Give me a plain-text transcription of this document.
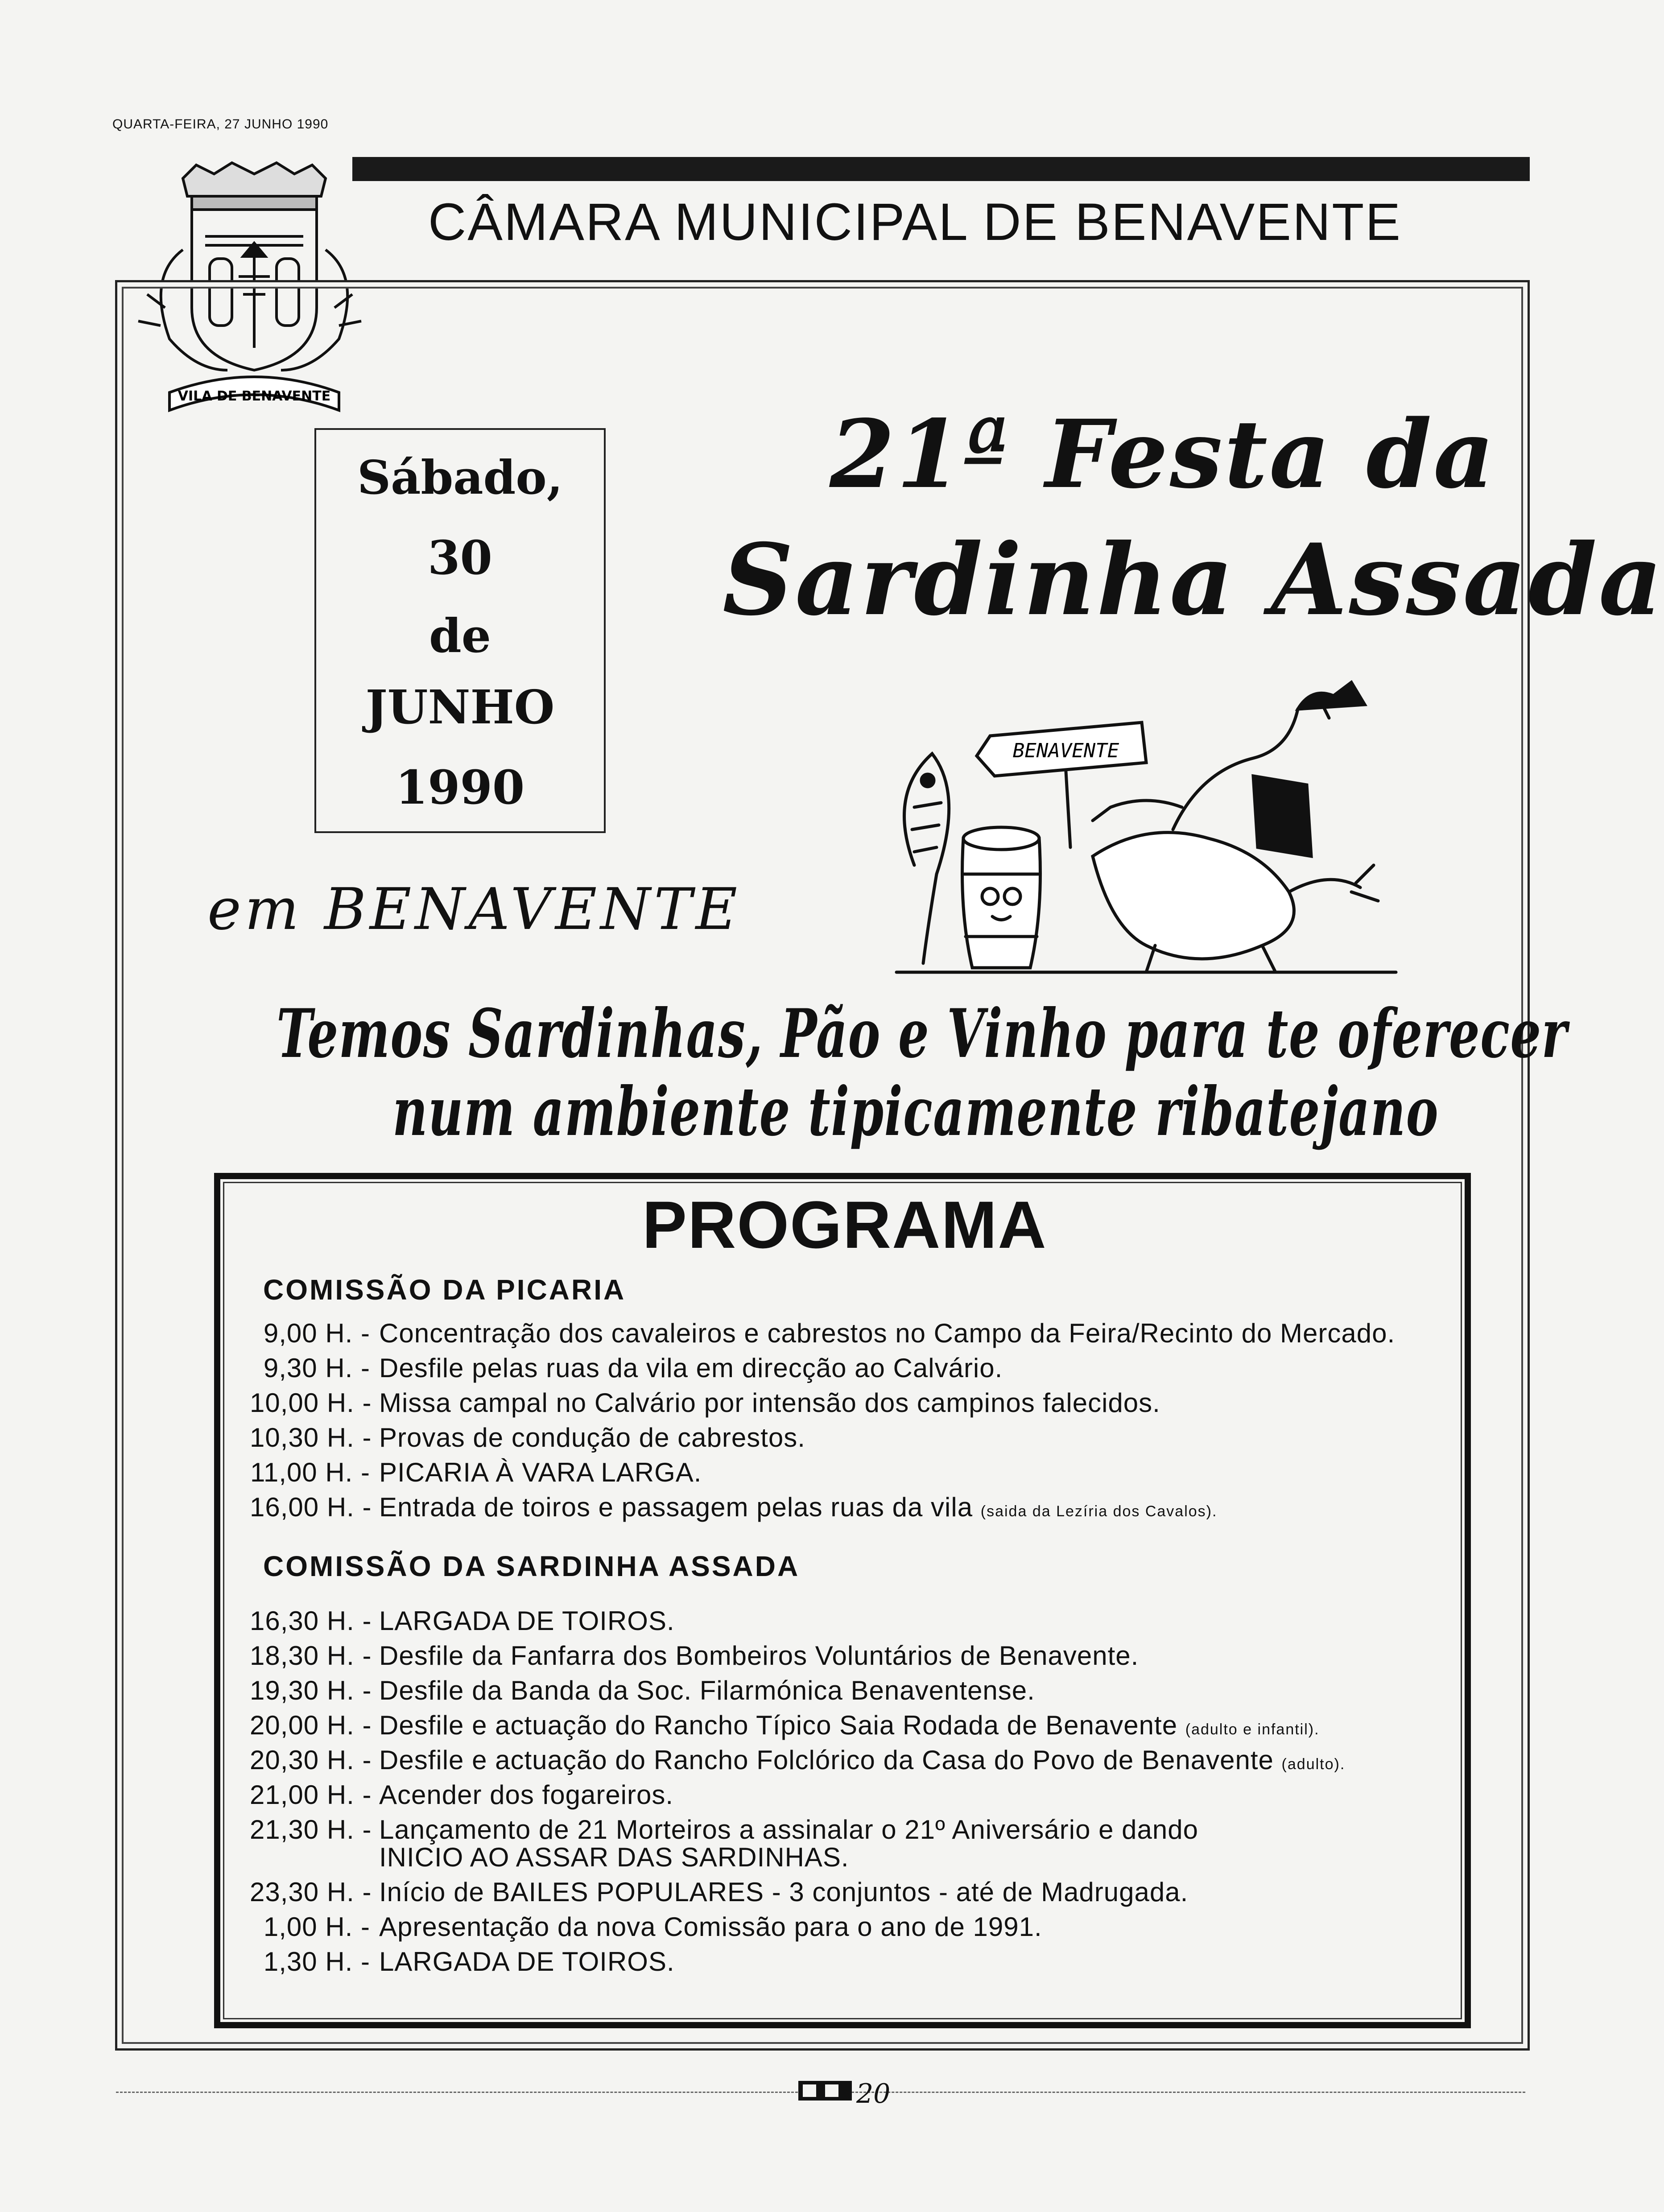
QUARTA-FEIRA, 27 JUNHO 1990
CÂMARA MUNICIPAL DE BENAVENTE
VILA DE BENAVENTE
Sábado,
30
de
JUNHO
1990
21ª Festa da
Sardinha Assada
BENAVENTE
em BENAVENTE
Temos Sardinhas, Pão e Vinho para te oferecer
num ambiente tipicamente ribatejano
PROGRAMA
COMISSÃO DA PICARIA
9,00 H. - Concentração dos cavaleiros e cabrestos no Campo da Feira/Recinto do Mercado.
9,30 H. - Desfile pelas ruas da vila em direcção ao Calvário.
10,00 H. - Missa campal no Calvário por intensão dos campinos falecidos.
10,30 H. - Provas de condução de cabrestos.
11,00 H. - PICARIA À VARA LARGA.
16,00 H. - Entrada de toiros e passagem pelas ruas da vila (saida da Lezíria dos Cavalos).
COMISSÃO DA SARDINHA ASSADA
16,30 H. - LARGADA DE TOIROS.
18,30 H. - Desfile da Fanfarra dos Bombeiros Voluntários de Benavente.
19,30 H. - Desfile da Banda da Soc. Filarmónica Benaventense.
20,00 H. - Desfile e actuação do Rancho Típico Saia Rodada de Benavente (adulto e infantil).
20,30 H. - Desfile e actuação do Rancho Folclórico da Casa do Povo de Benavente (adulto).
21,00 H. - Acender dos fogareiros.
21,30 H. - Lançamento de 21 Morteiros a assinalar o 21º Aniversário e dando
INICIO AO ASSAR DAS SARDINHAS.
23,30 H. - Início de BAILES POPULARES - 3 conjuntos - até de Madrugada.
1,00 H. - Apresentação da nova Comissão para o ano de 1991.
1,30 H. - LARGADA DE TOIROS.
20
